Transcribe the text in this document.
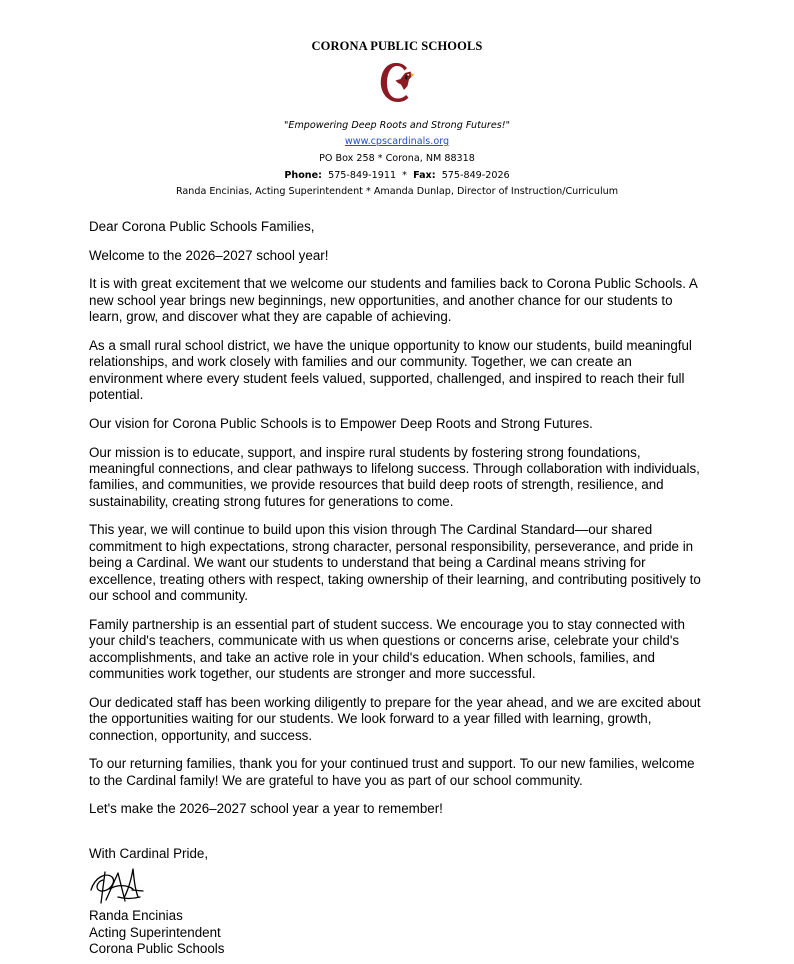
CORONA PUBLIC SCHOOLS
"Empowering Deep Roots and Strong Futures!"
www.cpscardinals.org
PO Box 258 * Corona, NM 88318
Phone: 575-849-1911 * Fax: 575-849-2026
Randa Encinias, Acting Superintendent * Amanda Dunlap, Director of Instruction/Curriculum

Dear Corona Public Schools Families,

Welcome to the 2026–2027 school year!

It is with great excitement that we welcome our students and families back to Corona Public Schools. A new school year brings new beginnings, new opportunities, and another chance for our students to learn, grow, and discover what they are capable of achieving.

As a small rural school district, we have the unique opportunity to know our students, build meaningful relationships, and work closely with families and our community. Together, we can create an environment where every student feels valued, supported, challenged, and inspired to reach their full potential.

Our vision for Corona Public Schools is to Empower Deep Roots and Strong Futures.

Our mission is to educate, support, and inspire rural students by fostering strong foundations, meaningful connections, and clear pathways to lifelong success. Through collaboration with individuals, families, and communities, we provide resources that build deep roots of strength, resilience, and sustainability, creating strong futures for generations to come.

This year, we will continue to build upon this vision through The Cardinal Standard—our shared commitment to high expectations, strong character, personal responsibility, perseverance, and pride in being a Cardinal. We want our students to understand that being a Cardinal means striving for excellence, treating others with respect, taking ownership of their learning, and contributing positively to our school and community.

Family partnership is an essential part of student success. We encourage you to stay connected with your child's teachers, communicate with us when questions or concerns arise, celebrate your child's accomplishments, and take an active role in your child's education. When schools, families, and communities work together, our students are stronger and more successful.

Our dedicated staff has been working diligently to prepare for the year ahead, and we are excited about the opportunities waiting for our students. We look forward to a year filled with learning, growth, connection, opportunity, and success.

To our returning families, thank you for your continued trust and support. To our new families, welcome to the Cardinal family! We are grateful to have you as part of our school community.

Let's make the 2026–2027 school year a year to remember!

With Cardinal Pride,

Randa Encinias

Acting Superintendent

Corona Public Schools
